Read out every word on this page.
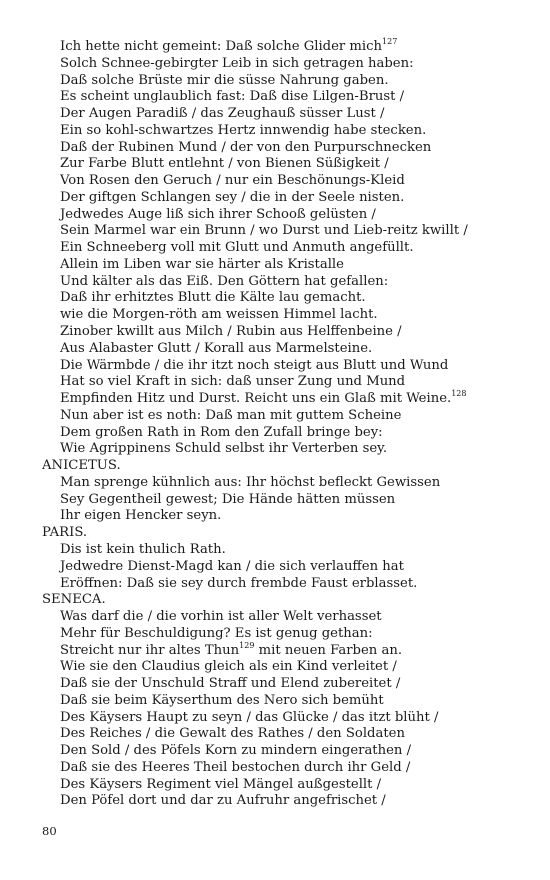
Ich hette nicht gemeint: Daß solche Glider mich$^{127}$
Solch Schnee-gebirgter Leib in sich getragen haben:
Daß solche Brüste mir die süsse Nahrung gaben.
Es scheint unglaublich fast: Daß dise Lilgen-Brust /
Der Augen Paradiß / das Zeughauß süsser Lust /
Ein so kohl-schwartzes Hertz innwendig habe stecken.
Daß der Rubinen Mund / der von den Purpurschnecken
Zur Farbe Blutt entlehnt / von Bienen Süßigkeit /
Von Rosen den Geruch / nur ein Beschönungs-Kleid
Der giftgen Schlangen sey / die in der Seele nisten.
Jedwedes Auge liß sich ihrer Schooß gelüsten /
Sein Marmel war ein Brunn / wo Durst und Lieb-reitz kwillt /
Ein Schneeberg voll mit Glutt und Anmuth angefüllt.
Allein im Liben war sie härter als Kristalle
Und kälter als das Eiß. Den Göttern hat gefallen:
Daß ihr erhitztes Blutt die Kälte lau gemacht.
wie die Morgen-röth am weissen Himmel lacht.
Zinober kwillt aus Milch / Rubin aus Helffenbeine /
Aus Alabaster Glutt / Korall aus Marmelsteine.
Die Wärmbde / die ihr itzt noch steigt aus Blutt und Wund
Hat so viel Kraft in sich: daß unser Zung und Mund
Empfinden Hitz und Durst. Reicht uns ein Glaß mit Weine.$^{128}$
Nun aber ist es noth: Daß man mit guttem Scheine
Dem großen Rath in Rom den Zufall bringe bey:
Wie Agrippinens Schuld selbst ihr Verterben sey.
ANICETUS.
Man sprenge kühnlich aus: Ihr höchst befleckt Gewissen
Sey Gegentheil gewest; Die Hände hätten müssen
Ihr eigen Hencker seyn.
PARIS.
Dis ist kein thulich Rath.
Jedwedre Dienst-Magd kan / die sich verlauffen hat
Eröffnen: Daß sie sey durch frembde Faust erblasset.
SENECA.
Was darf die / die vorhin ist aller Welt verhasset
Mehr für Beschuldigung? Es ist genug gethan:
Streicht nur ihr altes Thun$^{129}$ mit neuen Farben an.
Wie sie den Claudius gleich als ein Kind verleitet /
Daß sie der Unschuld Straff und Elend zubereitet /
Daß sie beim Käyserthum des Nero sich bemüht
Des Käysers Haupt zu seyn / das Glücke / das itzt blüht /
Des Reiches / die Gewalt des Rathes / den Soldaten
Den Sold / des Pöfels Korn zu mindern eingerathen /
Daß sie des Heeres Theil bestochen durch ihr Geld /
Des Käysers Regiment viel Mängel außgestellt /
Den Pöfel dort und dar zu Aufruhr angefrischet /
80
